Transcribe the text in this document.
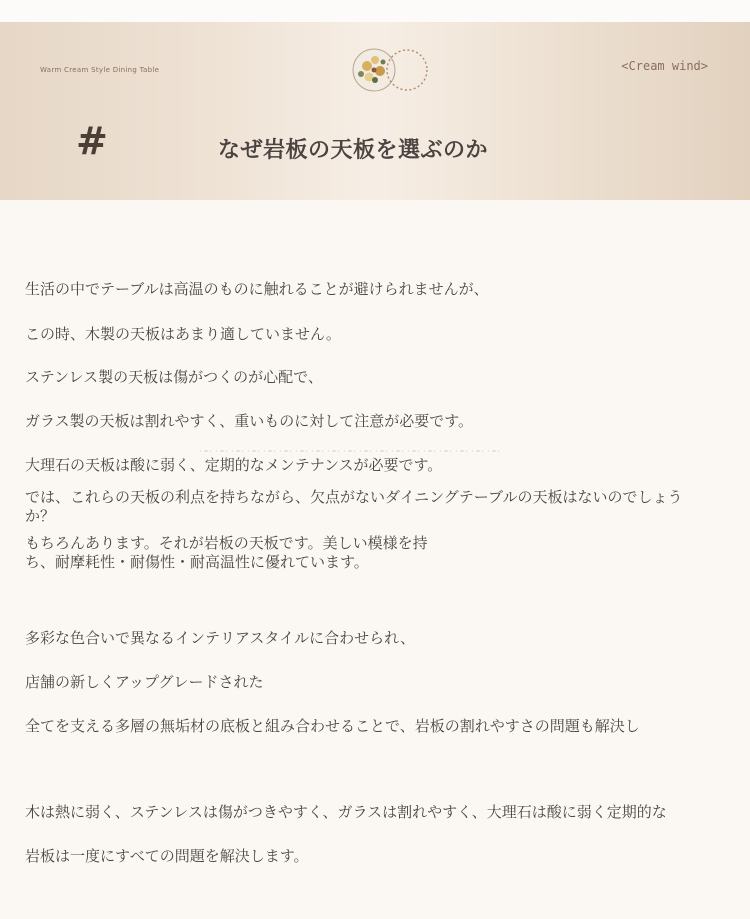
Warm Cream Style Dining Table	<Cream wind>
#	なぜ岩板の天板を選ぶのか
生活の中でテーブルは高温のものに触れることが避けられませんが、
この時、木製の天板はあまり適していません。
ステンレス製の天板は傷がつくのが心配で、
ガラス製の天板は割れやすく、重いものに対して注意が必要です。
大理石の天板は酸に弱く、定期的なメンテナンスが必要です。
では、これらの天板の利点を持ちながら、欠点がないダイニングテーブルの天板はないのでしょうか？
もちろんあります。それが岩板の天板です。美しい模様を持ち、耐摩耗性・耐傷性・耐高温性に優れています。
多彩な色合いで異なるインテリアスタイルに合わせられ、
店舗の新しくアップグレードされた
全てを支える多層の無垢材の底板と組み合わせることで、岩板の割れやすさの問題も解決し
木は熱に弱く、ステンレスは傷がつきやすく、ガラスは割れやすく、大理石は酸に弱く定期的な
岩板は一度にすべての問題を解決します。
